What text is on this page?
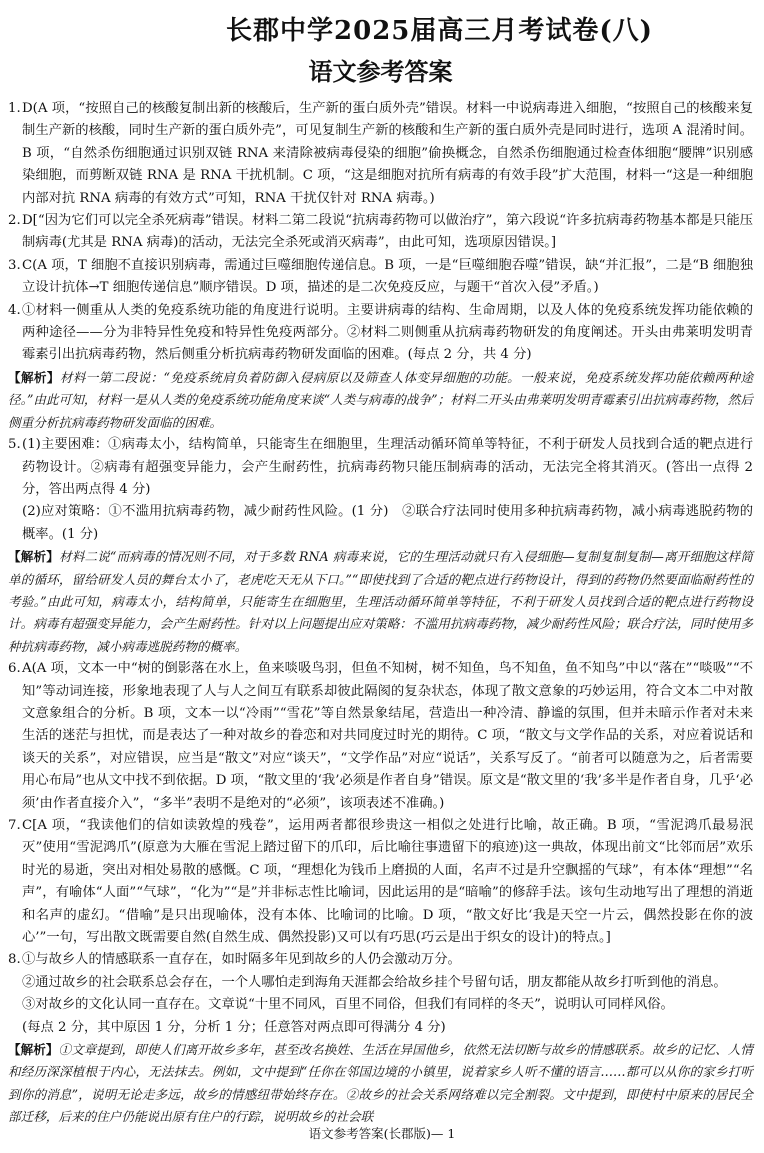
长郡中学2025届高三月考试卷(八)
语文参考答案

1. D(A 项，“按照自己的核酸复制出新的核酸后，生产新的蛋白质外壳”错误。材料一中说病毒进入细胞，“按照自己的核酸来复制生产新的核酸，同时生产新的蛋白质外壳”，可见复制生产新的核酸和生产新的蛋白质外壳是同时进行，选项 A 混淆时间。B 项，“自然杀伤细胞通过识别双链 RNA 来清除被病毒侵染的细胞”偷换概念，自然杀伤细胞通过检查体细胞“腰牌”识别感染细胞，而剪断双链 RNA 是 RNA 干扰机制。C 项，“这是细胞对抗所有病毒的有效手段”扩大范围，材料一“这是一种细胞内部对抗 RNA 病毒的有效方式”可知，RNA 干扰仅针对 RNA 病毒。)

2. D[“因为它们可以完全杀死病毒”错误。材料二第二段说“抗病毒药物可以做治疗”，第六段说“许多抗病毒药物基本都是只能压制病毒(尤其是 RNA 病毒)的活动，无法完全杀死或消灭病毒”，由此可知，选项原因错误。]

3. C(A 项，T 细胞不直接识别病毒，需通过巨噬细胞传递信息。B 项，一是“巨噬细胞吞噬”错误，缺“并汇报”，二是“B 细胞独立设计抗体→T 细胞传递信息”顺序错误。D 项，描述的是二次免疫反应，与题干“首次入侵”矛盾。)

4. ①材料一侧重从人类的免疫系统功能的角度进行说明。主要讲病毒的结构、生命周期，以及人体的免疫系统发挥功能依赖的两种途径——分为非特异性免疫和特异性免疫两部分。②材料二则侧重从抗病毒药物研发的角度阐述。开头由弗莱明发明青霉素引出抗病毒药物，然后侧重分析抗病毒药物研发面临的困难。(每点 2 分，共 4 分)

【解析】材料一第二段说：“免疫系统肩负着防御入侵病原以及筛查人体变异细胞的功能。一般来说，免疫系统发挥功能依赖两种途径。”由此可知，材料一是从人类的免疫系统功能角度来谈“人类与病毒的战争”；材料二开头由弗莱明发明青霉素引出抗病毒药物，然后侧重分析抗病毒药物研发面临的困难。

5. (1)主要困难：①病毒太小，结构简单，只能寄生在细胞里，生理活动循环简单等特征，不利于研发人员找到合适的靶点进行药物设计。②病毒有超强变异能力，会产生耐药性，抗病毒药物只能压制病毒的活动，无法完全将其消灭。(答出一点得 2 分，答出两点得 4 分)

(2)应对策略：①不滥用抗病毒药物，减少耐药性风险。(1 分)　②联合疗法同时使用多种抗病毒药物，减小病毒逃脱药物的概率。(1 分)

【解析】材料二说“而病毒的情况则不同，对于多数 RNA 病毒来说，它的生理活动就只有入侵细胞—复制复制复制—离开细胞这样简单的循环，留给研发人员的舞台太小了，老虎吃天无从下口。”“即使找到了合适的靶点进行药物设计，得到的药物仍然要面临耐药性的考验。”由此可知，病毒太小，结构简单，只能寄生在细胞里，生理活动循环简单等特征，不利于研发人员找到合适的靶点进行药物设计。病毒有超强变异能力，会产生耐药性。针对以上问题提出应对策略：不滥用抗病毒药物，减少耐药性风险；联合疗法，同时使用多种抗病毒药物，减小病毒逃脱药物的概率。

6. A(A 项，文本一中“树的倒影落在水上，鱼来啖吸鸟羽，但鱼不知树，树不知鱼，鸟不知鱼，鱼不知鸟”中以“落在”“啖吸”“不知”等动词连接，形象地表现了人与人之间互有联系却彼此隔阂的复杂状态，体现了散文意象的巧妙运用，符合文本二中对散文意象组合的分析。B 项，文本一以“冷雨”“雪花”等自然景象结尾，营造出一种冷清、静谧的氛围，但并未暗示作者对未来生活的迷茫与担忧，而是表达了一种对故乡的眷恋和对共同度过时光的期待。C 项，“散文与文学作品的关系，对应着说话和谈天的关系”，对应错误，应当是“散文”对应“谈天”，“文学作品”对应“说话”，关系写反了。“前者可以随意为之，后者需要用心布局”也从文中找不到依据。D 项，“散文里的‘我’必须是作者自身”错误。原文是“散文里的‘我’多半是作者自身，几乎‘必须’由作者直接介入”，“多半”表明不是绝对的“必须”，该项表述不准确。)

7. C[A 项，“我读他们的信如读敦煌的残卷”，运用两者都很珍贵这一相似之处进行比喻，故正确。B 项，“雪泥鸿爪最易泯灭”使用“雪泥鸿爪”(原意为大雁在雪泥上踏过留下的爪印，后比喻往事遗留下的痕迹)这一典故，体现出前文“比邻而居”欢乐时光的易逝，突出对相处易散的感慨。C 项，“理想化为钱币上磨损的人面，名声不过是升空飘摇的气球”，有本体“理想”“名声”，有喻体“人面”“气球”，“化为”“是”并非标志性比喻词，因此运用的是“暗喻”的修辞手法。该句生动地写出了理想的消逝和名声的虚幻。“借喻”是只出现喻体，没有本体、比喻词的比喻。D 项，“散文好比‘我是天空一片云，偶然投影在你的波心’”一句，写出散文既需要自然(自然生成、偶然投影)又可以有巧思(巧云是出于织女的设计)的特点。]

8. ①与故乡人的情感联系一直存在，如时隔多年见到故乡的人仍会激动万分。

②通过故乡的社会联系总会存在，一个人哪怕走到海角天涯都会给故乡挂个号留句话，朋友都能从故乡打听到他的消息。

③对故乡的文化认同一直存在。文章说“十里不同风，百里不同俗，但我们有同样的冬天”，说明认可同样风俗。

(每点 2 分，其中原因 1 分，分析 1 分；任意答对两点即可得满分 4 分)

【解析】①文章提到，即使人们离开故乡多年，甚至改名换姓、生活在异国他乡，依然无法切断与故乡的情感联系。故乡的记忆、人情和经历深深植根于内心，无法抹去。例如，文中提到“任你在邻国边境的小镇里，说着家乡人听不懂的语言……都可以从你的家乡打听到你的消息”，说明无论走多远，故乡的情感纽带始终存在。②故乡的社会关系网络难以完全割裂。文中提到，即使村中原来的居民全部迁移，后来的住户仍能说出原有住户的行踪，说明故乡的社会联

语文参考答案(长郡版)— 1
